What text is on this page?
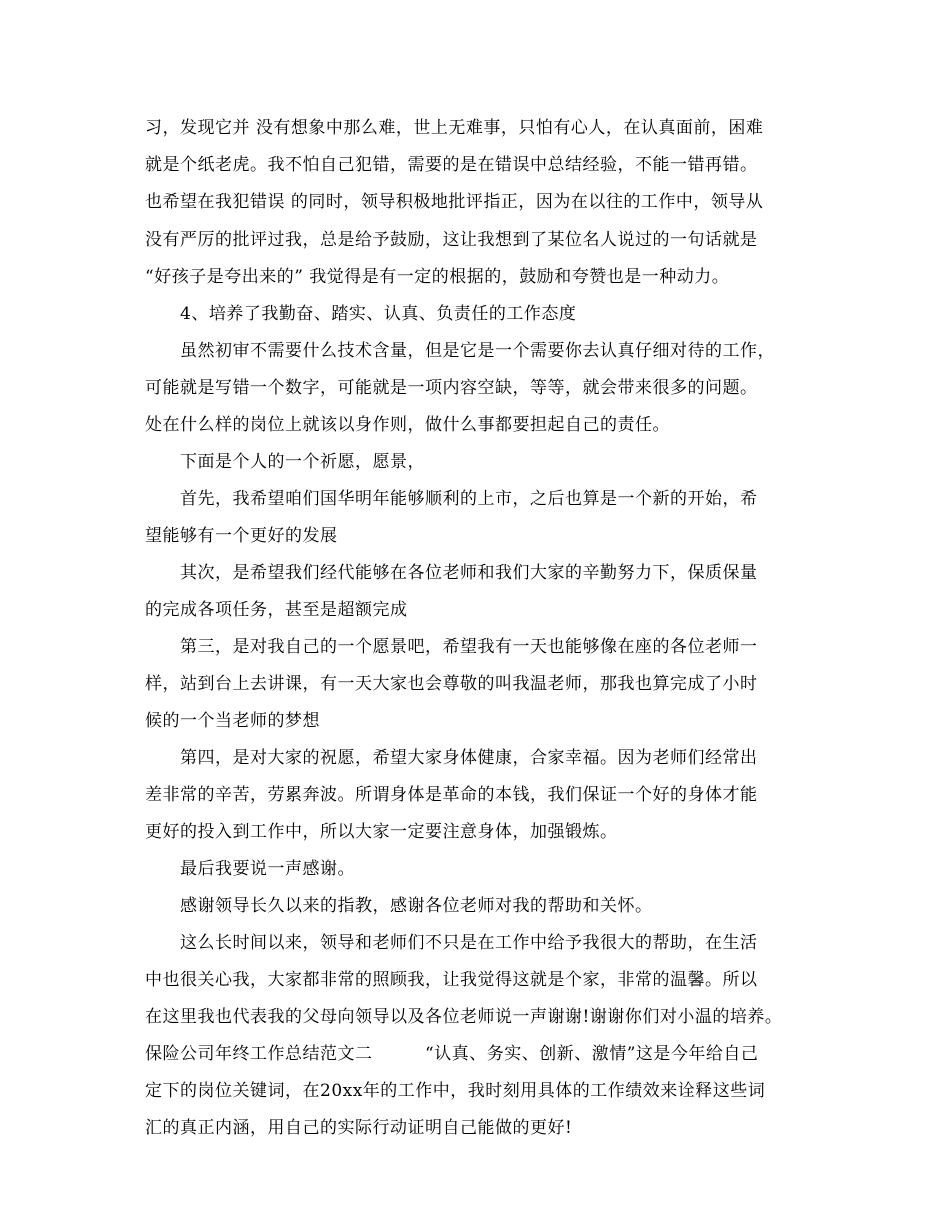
习，发现它并 没有想象中那么难，世上无难事，只怕有心人，在认真面前，困难
就是个纸老虎。我不怕自己犯错，需要的是在错误中总结经验，不能一错再错。
也希望在我犯错误 的同时，领导积极地批评指正，因为在以往的工作中，领导从
没有严厉的批评过我，总是给予鼓励，这让我想到了某位名人说过的一句话就是
“好孩子是夸出来的” 我觉得是有一定的根据的，鼓励和夸赞也是一种动力。
4、培养了我勤奋、踏实、认真、负责任的工作态度
虽然初审不需要什么技术含量，但是它是一个需要你去认真仔细对待的工作，
可能就是写错一个数字，可能就是一项内容空缺，等等，就会带来很多的问题。
处在什么样的岗位上就该以身作则，做什么事都要担起自己的责任。
下面是个人的一个祈愿，愿景，
首先，我希望咱们国华明年能够顺利的上市，之后也算是一个新的开始，希
望能够有一个更好的发展
其次，是希望我们经代能够在各位老师和我们大家的辛勤努力下，保质保量
的完成各项任务，甚至是超额完成
第三，是对我自己的一个愿景吧，希望我有一天也能够像在座的各位老师一
样，站到台上去讲课，有一天大家也会尊敬的叫我温老师，那我也算完成了小时
候的一个当老师的梦想
第四，是对大家的祝愿，希望大家身体健康，合家幸福。因为老师们经常出
差非常的辛苦，劳累奔波。所谓身体是革命的本钱，我们保证一个好的身体才能
更好的投入到工作中，所以大家一定要注意身体，加强锻炼。
最后我要说一声感谢。
感谢领导长久以来的指教，感谢各位老师对我的帮助和关怀。
这么长时间以来，领导和老师们不只是在工作中给予我很大的帮助，在生活
中也很关心我，大家都非常的照顾我，让我觉得这就是个家，非常的温馨。所以
在这里我也代表我的父母向领导以及各位老师说一声谢谢!谢谢你们对小温的培养。
保险公司年终工作总结范文二　　　“认真、务实、创新、激情”这是今年给自己
定下的岗位关键词，在20xx年的工作中，我时刻用具体的工作绩效来诠释这些词
汇的真正内涵，用自己的实际行动证明自己能做的更好!
